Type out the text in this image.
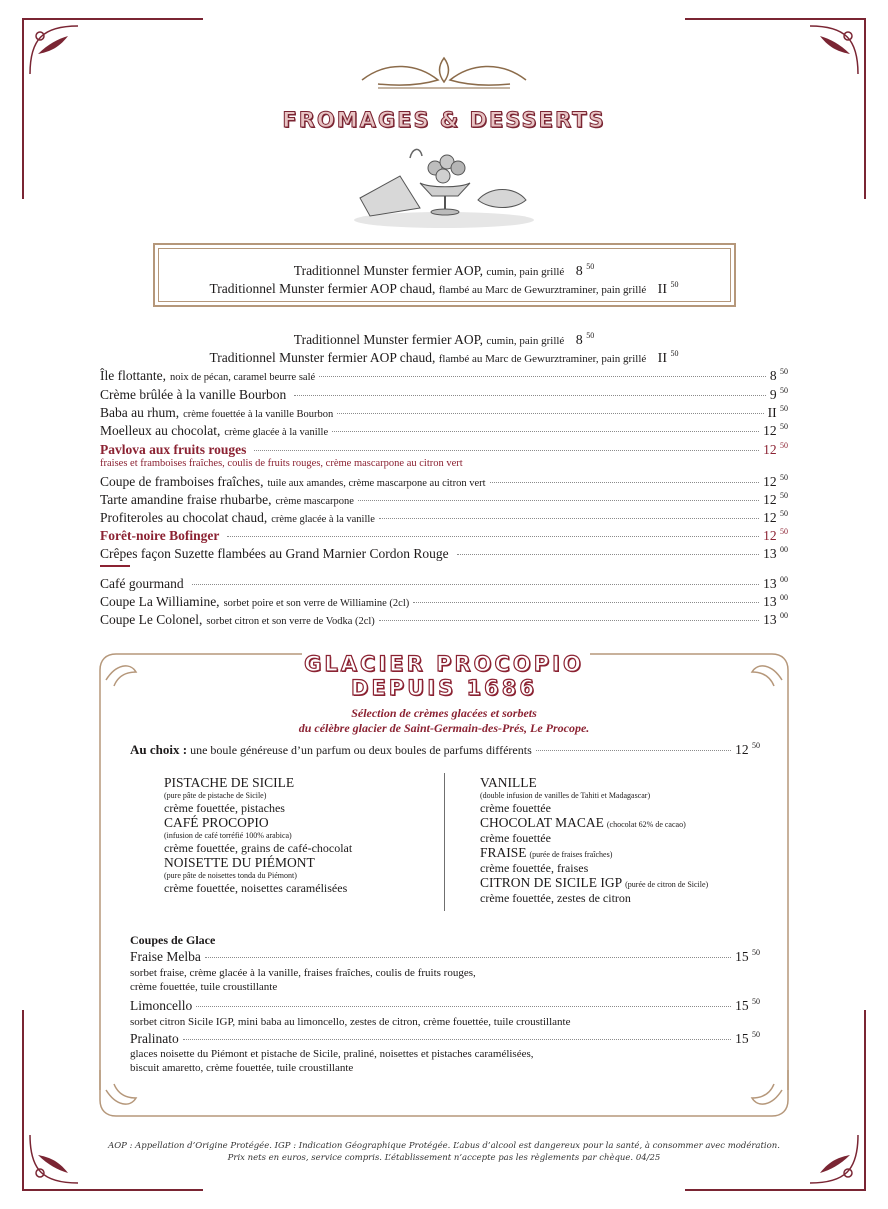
FROMAGES & DESSERTS
Traditionnel Munster fermier AOP, cumin, pain grillé 8 $^{50}$
Traditionnel Munster fermier AOP chaud, flambé au Marc de Gewurztraminer, pain grillé II $^{50}$
Traditionnel Munster fermier AOP, cumin, pain grillé 8 $^{50}$
Traditionnel Munster fermier AOP chaud, flambé au Marc de Gewurztraminer, pain grillé II $^{50}$
Île flottante, noix de pécan, caramel beurre salé	8 $^{50}$
Crème brûlée à la vanille Bourbon	9 $^{50}$
Baba au rhum, crème fouettée à la vanille Bourbon	II $^{50}$
Moelleux au chocolat, crème glacée à la vanille	12 $^{50}$
Pavlova aux fruits rouges	12 $^{50}$
fraises et framboises fraîches, coulis de fruits rouges, crème mascarpone au citron vert
Coupe de framboises fraîches, tuile aux amandes, crème mascarpone au citron vert	12 $^{50}$
Tarte amandine fraise rhubarbe, crème mascarpone	12 $^{50}$
Profiteroles au chocolat chaud, crème glacée à la vanille	12 $^{50}$
Forêt-noire Bofinger	12 $^{50}$
Crêpes façon Suzette flambées au Grand Marnier Cordon Rouge	13 $^{00}$
Café gourmand	13 $^{00}$
Coupe La Williamine, sorbet poire et son verre de Williamine (2cl)	13 $^{00}$
Coupe Le Colonel, sorbet citron et son verre de Vodka (2cl)	13 $^{00}$
GLACIER PROCOPIO
DEPUIS 1686
Sélection de crèmes glacées et sorbets
du célèbre glacier de Saint-Germain-des-Prés, Le Procope.
Au choix :
une boule généreuse d’un parfum ou deux boules de parfums différents	12 $^{50}$
PISTACHE DE SICILE
(pure pâte de pistache de Sicile)
crème fouettée, pistaches
CAFÉ PROCOPIO
(infusion de café torréfié 100% arabica)
crème fouettée, grains de café-chocolat
NOISETTE DU PIÉMONT
(pure pâte de noisettes tonda du Piémont)
crème fouettée, noisettes caramélisées
VANILLE
(double infusion de vanilles de Tahiti et Madagascar)
crème fouettée
CHOCOLAT MACAE (chocolat 62% de cacao)
crème fouettée
FRAISE (purée de fraises fraîches)
crème fouettée, fraises
CITRON DE SICILE IGP (purée de citron de Sicile)
crème fouettée, zestes de citron
Coupes de Glace
Fraise Melba	15 $^{50}$
sorbet fraise, crème glacée à la vanille, fraises fraîches, coulis de fruits rouges,
crème fouettée, tuile croustillante
Limoncello	15 $^{50}$
sorbet citron Sicile IGP, mini baba au limoncello, zestes de citron, crème fouettée, tuile croustillante
Pralinato	15 $^{50}$
glaces noisette du Piémont et pistache de Sicile, praliné, noisettes et pistaches caramélisées,
biscuit amaretto, crème fouettée, tuile croustillante
AOP : Appellation d’Origine Protégée. IGP : Indication Géographique Protégée. L’abus d’alcool est dangereux pour la santé, à consommer avec modération.
Prix nets en euros, service compris. L’établissement n’accepte pas les règlements par chèque. 04/25
